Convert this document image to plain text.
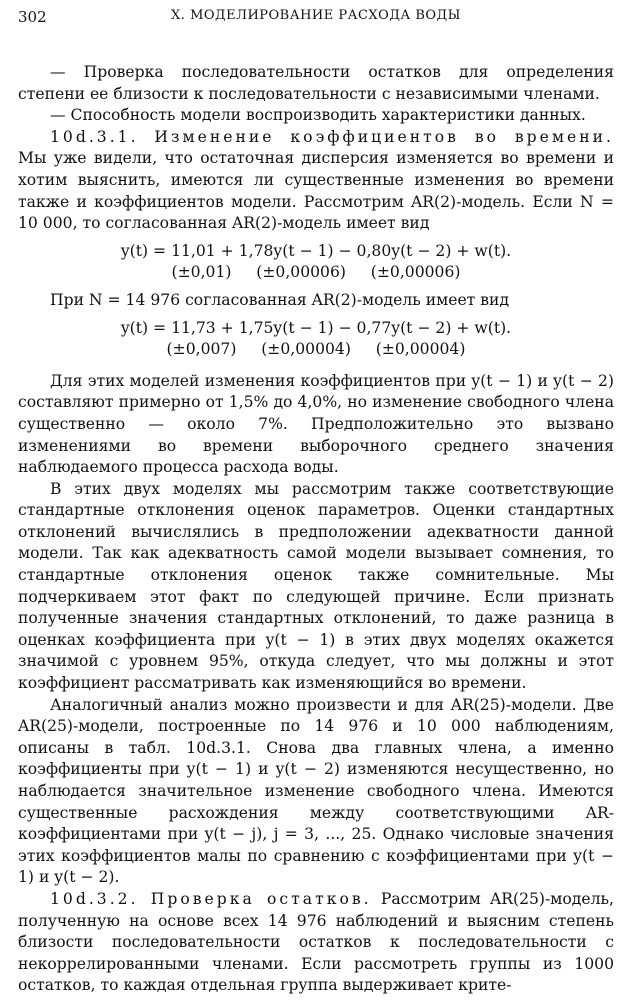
302	X. МОДЕЛИРОВАНИЕ РАСХОДА ВОДЫ

— Проверка последовательности остатков для определения степени ее близости к последовательности с независимыми членами.

— Способность модели воспроизводить характеристики данных.

10d.3.1. Изменение коэффициентов во времени. Мы уже видели, что остаточная дисперсия изменяется во времени и хотим выяснить, имеются ли существенные изменения во времени также и коэффициентов модели. Рассмотрим AR(2)-модель. Если N = 10 000, то согласованная AR(2)-модель имеет вид

y(t) = 11,01 + 1,78y(t − 1) − 0,80y(t − 2) + w(t).

(±0,01)     (±0,00006)     (±0,00006)

При N = 14 976 согласованная AR(2)-модель имеет вид

y(t) = 11,73 + 1,75y(t − 1) − 0,77y(t − 2) + w(t).

(±0,007)     (±0,00004)     (±0,00004)

Для этих моделей изменения коэффициентов при y(t − 1) и y(t − 2) составляют примерно от 1,5% до 4,0%, но изменение свободного члена существенно — около 7%. Предположительно это вызвано изменениями во времени выборочного среднего значения наблюдаемого процесса расхода воды.

В этих двух моделях мы рассмотрим также соответствующие стандартные отклонения оценок параметров. Оценки стандартных отклонений вычислялись в предположении адекватности данной модели. Так как адекватность самой модели вызывает сомнения, то стандартные отклонения оценок также сомнительные. Мы подчеркиваем этот факт по следующей причине. Если признать полученные значения стандартных отклонений, то даже разница в оценках коэффициента при y(t − 1) в этих двух моделях окажется значимой с уровнем 95%, откуда следует, что мы должны и этот коэффициент рассматривать как изменяющийся во времени.

Аналогичный анализ можно произвести и для AR(25)-модели. Две AR(25)-модели, построенные по 14 976 и 10 000 наблюдениям, описаны в табл. 10d.3.1. Снова два главных члена, а именно коэффициенты при y(t − 1) и y(t − 2) изменяются несущественно, но наблюдается значительное изменение свободного члена. Имеются существенные расхождения между соответствующими AR-коэффициентами при y(t − j), j = 3, ..., 25. Однако числовые значения этих коэффициентов малы по сравнению с коэффициентами при y(t − 1) и y(t − 2).

10d.3.2. Проверка остатков. Рассмотрим AR(25)-модель, полученную на основе всех 14 976 наблюдений и выясним степень близости последовательности остатков к последовательности с некоррелированными членами. Если рассмотреть группы из 1000 остатков, то каждая отдельная группа выдерживает крите-
